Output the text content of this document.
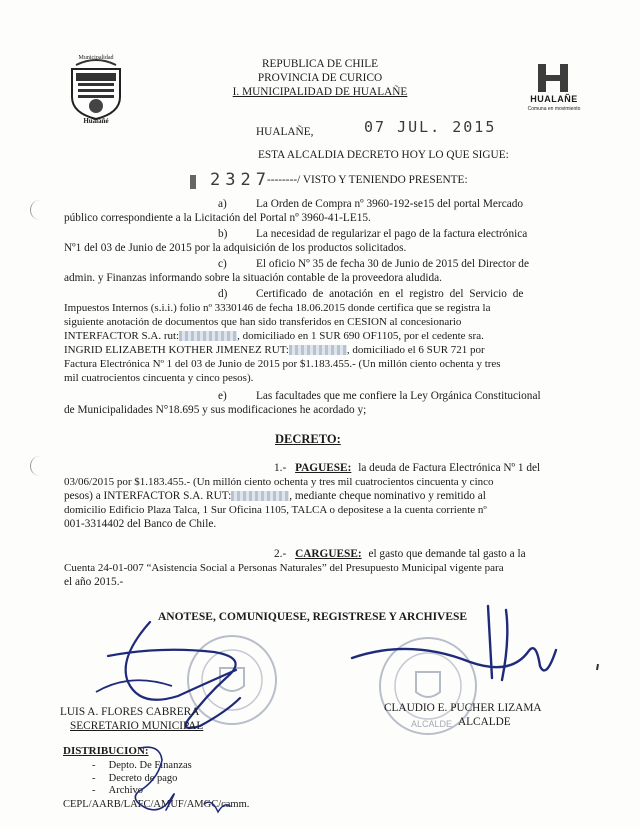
Municipalidad
Hualañé
REPUBLICA DE CHILE
PROVINCIA DE CURICO
I. MUNICIPALIDAD DE HUALAÑE
HUALAÑE
Comuna en movimiento
HUALAÑE,	07 JUL. 2015
ESTA ALCALDIA DECRETO HOY LO QUE SIGUE:
2327
--------/ VISTO Y TENIENDO PRESENTE:
a)	La Orden de Compra nº 3960-192-se15 del portal Mercado
público correspondiente a la Licitación del Portal nº 3960-41-LE15.
b)	La necesidad de regularizar el pago de la factura electrónica
Nº1 del 03 de Junio de 2015 por la adquisición de los productos solicitados.
c)	El oficio Nº 35 de fecha 30 de Junio de 2015 del Director de
admin. y Finanzas informando sobre la situación contable de la proveedora aludida.
d)	Certificado de anotación en el registro del Servicio de
Impuestos Internos (s.i.i.) folio nº 3330146 de fecha 18.06.2015 donde certifica que se registra la
siguiente anotación de documentos que han sido transferidos en CESION al concesionario
INTERFACTOR S.A. rut:	, domiciliado en 1 SUR 690 OF1105, por el cedente sra.
INGRID ELIZABETH KOTHER JIMENEZ RUT:	, domiciliado el 6 SUR 721 por
Factura Electrónica Nº 1 del 03 de Junio de 2015 por $1.183.455.- (Un millón ciento ochenta y tres
mil cuatrocientos cincuenta y cinco pesos).
e)	Las facultades que me confiere la Ley Orgánica Constitucional
de Municipalidades N°18.695 y sus modificaciones he acordado y;
DECRETO:
1.- PAGUESE: la deuda de Factura Electrónica Nº 1 del
03/06/2015 por $1.183.455.- (Un millón ciento ochenta y tres mil cuatrocientos cincuenta y cinco
pesos) a INTERFACTOR S.A. RUT:	, mediante cheque nominativo y remitido al
domicilio Edificio Plaza Talca, 1 Sur Oficina 1105, TALCA o depositese a la cuenta corriente nº
001-3314402 del Banco de Chile.
2.- CARGUESE: el gasto que demande tal gasto a la
Cuenta 24-01-007 “Asistencia Social a Personas Naturales” del Presupuesto Municipal vigente para
el año 2015.-
ANOTESE, COMUNIQUESE, REGISTRESE Y ARCHIVESE
LUIS A. FLORES CABRERA
SECRETARIO MUNICIPAL
CLAUDIO E. PUCHER LIZAMA
ALCALDE
ALCALDE
DISTRIBUCION:
-     Depto. De Finanzas
-     Decreto de pago
-     Archivo
CEPL/AARB/LAFC/AMUF/AMGC/camm.
